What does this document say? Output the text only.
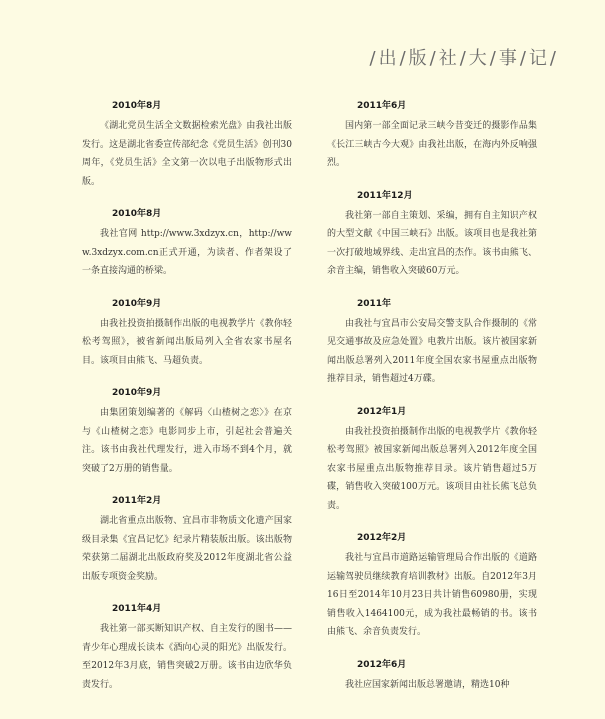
/出/版/社/大/事/记/
2010年8月
《湖北党员生活全文数据检索光盘》由我社出版发行。这是湖北省委宣传部纪念《党员生活》创刊30周年，《党员生活》全文第一次以电子出版物形式出版。
2010年8月
我社官网 http://www.3xdzyx.cn，http://www.3xdzyx.com.cn正式开通，为读者、作者架设了一条直接沟通的桥梁。
2010年9月
由我社投资拍摄制作出版的电视教学片《教你轻松考驾照》，被省新闻出版局列入全省农家书屋名目。该项目由熊飞、马超负责。
2010年9月
由集团策划编著的《解码〈山楂树之恋〉》在京与《山楂树之恋》电影同步上市，引起社会普遍关注。该书由我社代理发行，进入市场不到4个月，就突破了2万册的销售量。
2011年2月
湖北省重点出版物、宜昌市非物质文化遗产国家级目录集《宜昌记忆》纪录片精装版出版。该出版物荣获第二届湖北出版政府奖及2012年度湖北省公益出版专项资金奖励。
2011年4月
我社第一部买断知识产权、自主发行的图书——青少年心理成长读本《酒向心灵的阳光》出版发行。至2012年3月底，销售突破2万册。该书由边欣华负责发行。
2011年6月
国内第一部全面记录三峡今昔变迁的摄影作品集《长江三峡古今大观》由我社出版，在海内外反响强烈。
2011年12月
我社第一部自主策划、采编，拥有自主知识产权的大型文献《中国三峡石》出版。该项目也是我社第一次打破地域界线、走出宜昌的杰作。该书由熊飞、余音主编，销售收入突破60万元。
2011年
由我社与宜昌市公安局交警支队合作摄制的《常见交通事故及应急处置》电教片出版。该片被国家新闻出版总署列入2011年度全国农家书屋重点出版物推荐目录，销售超过4万碟。
2012年1月
由我社投资拍摄制作出版的电视教学片《教你轻松考驾照》被国家新闻出版总署列入2012年度全国农家书屋重点出版物推荐目录。该片销售超过5万碟，销售收入突破100万元。该项目由社长熊飞总负责。
2012年2月
我社与宜昌市道路运输管理局合作出版的《道路运输驾驶员继续教育培训教材》出版。自2012年3月16日至2014年10月23日共计销售60980册，实现销售收入1464100元，成为我社最畅销的书。该书由熊飞、余音负责发行。
2012年6月
我社应国家新闻出版总署邀请，精选10种
